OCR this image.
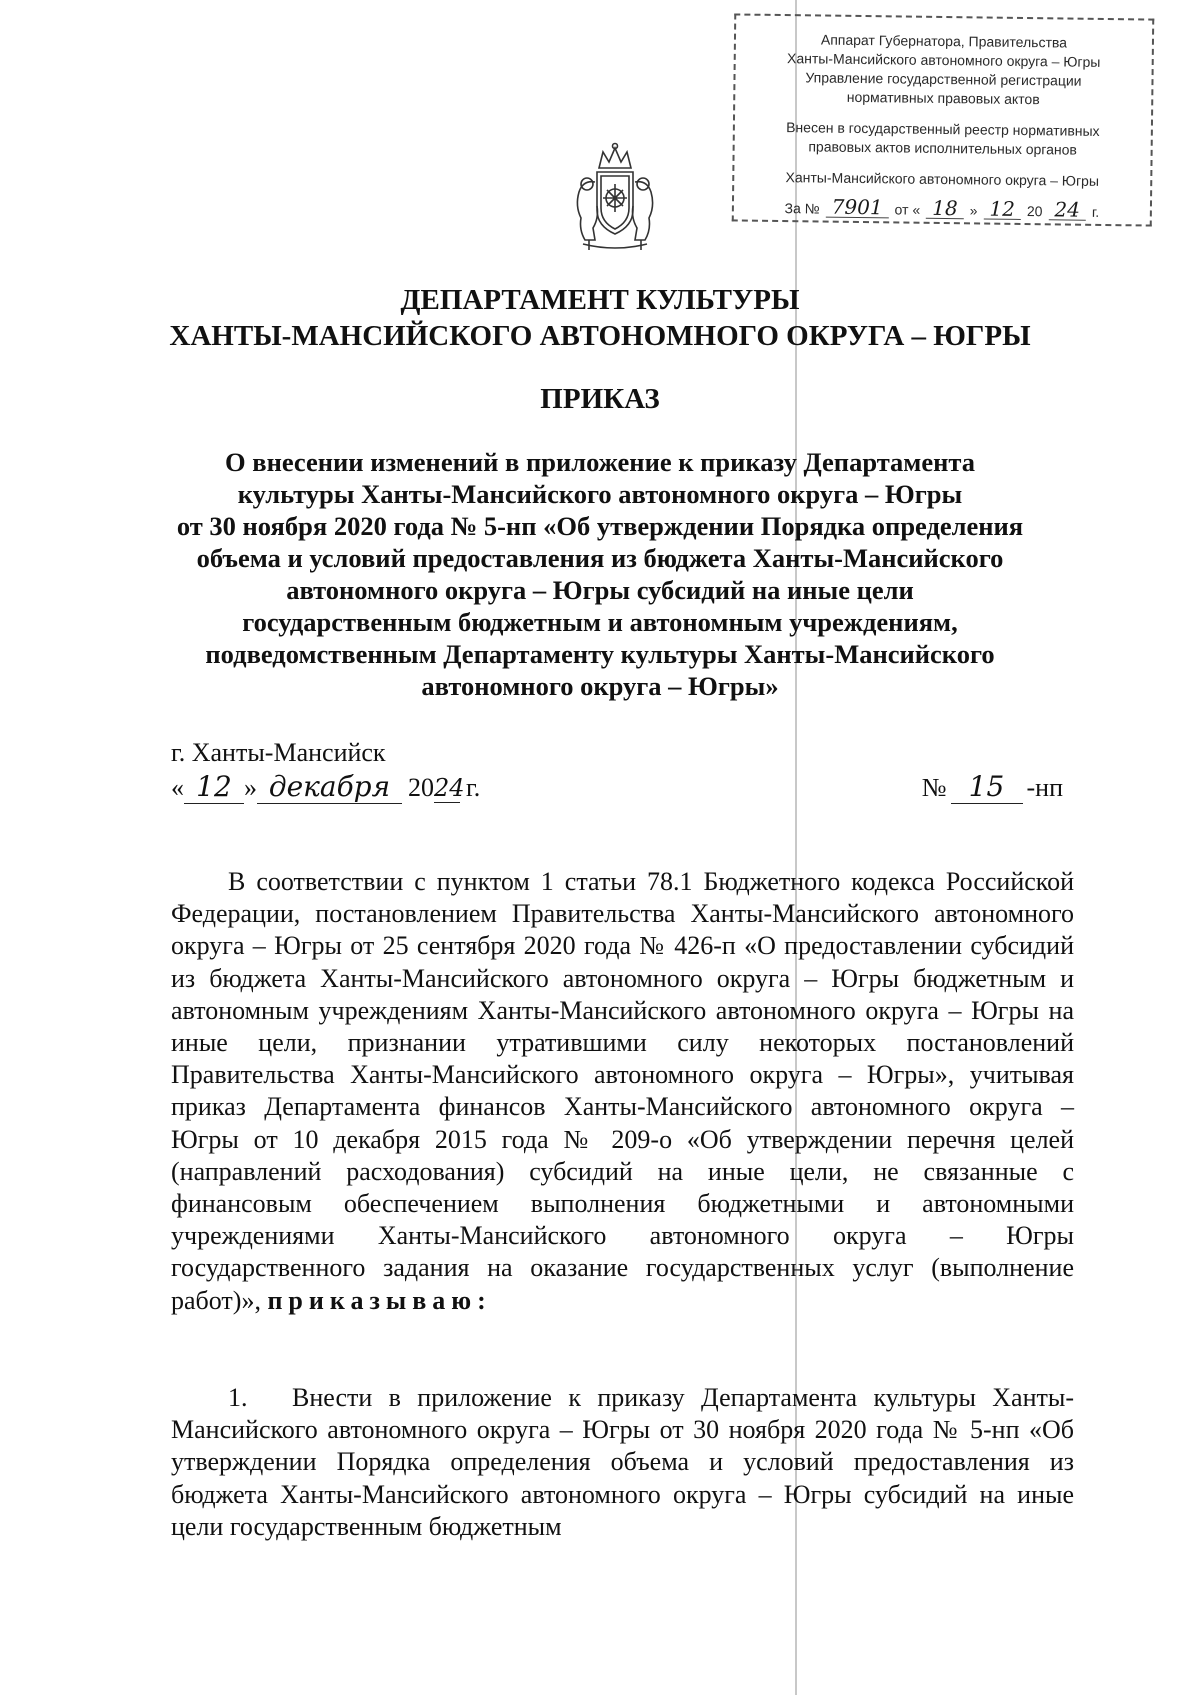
Аппарат Губернатора, Правительства
Ханты-Мансийского автономного округа – Югры
Управление государственной регистрации
нормативных правовых актов
Внесен в государственный реестр нормативных
правовых актов исполнительных органов
Ханты-Мансийского автономного округа – Югры
За № 7901 от « 18 » 12 20 24 г.
ДЕПАРТАМЕНТ КУЛЬТУРЫ
ХАНТЫ-МАНСИЙСКОГО АВТОНОМНОГО ОКРУГА – ЮГРЫ
ПРИКАЗ
О внесении изменений в приложение к приказу Департамента
культуры Ханты-Мансийского автономного округа – Югры
от 30 ноября 2020 года № 5-нп «Об утверждении Порядка определения
объема и условий предоставления из бюджета Ханты-Мансийского
автономного округа – Югры субсидий на иные цели
государственным бюджетным и автономным учреждениям,
подведомственным Департаменту культуры Ханты-Мансийского
автономного округа – Югры»
г. Ханты-Мансийск
« 12 » декабря 20 24 г.	№ 15 -нп
В соответствии с пунктом 1 статьи 78.1 Бюджетного кодекса Российской Федерации, постановлением Правительства Ханты-Мансийского автономного округа – Югры от 25 сентября 2020 года № 426-п «О предоставлении субсидий из бюджета Ханты-Мансийского автономного округа – Югры бюджетным и автономным учреждениям Ханты-Мансийского автономного округа – Югры на иные цели, признании утратившими силу некоторых постановлений Правительства Ханты-Мансийского автономного округа – Югры», учитывая приказ Департамента финансов Ханты-Мансийского автономного округа – Югры от 10 декабря 2015 года № 209-о «Об утверждении перечня целей (направлений расходования) субсидий на иные цели, не связанные с финансовым обеспечением выполнения бюджетными и автономными учреждениями Ханты-Мансийского автономного округа – Югры государственного задания на оказание государственных услуг (выполнение работ)», приказываю:
1. Внести в приложение к приказу Департамента культуры Ханты-Мансийского автономного округа – Югры от 30 ноября 2020 года № 5-нп «Об утверждении Порядка определения объема и условий предоставления из бюджета Ханты-Мансийского автономного округа – Югры субсидий на иные цели государственным бюджетным
